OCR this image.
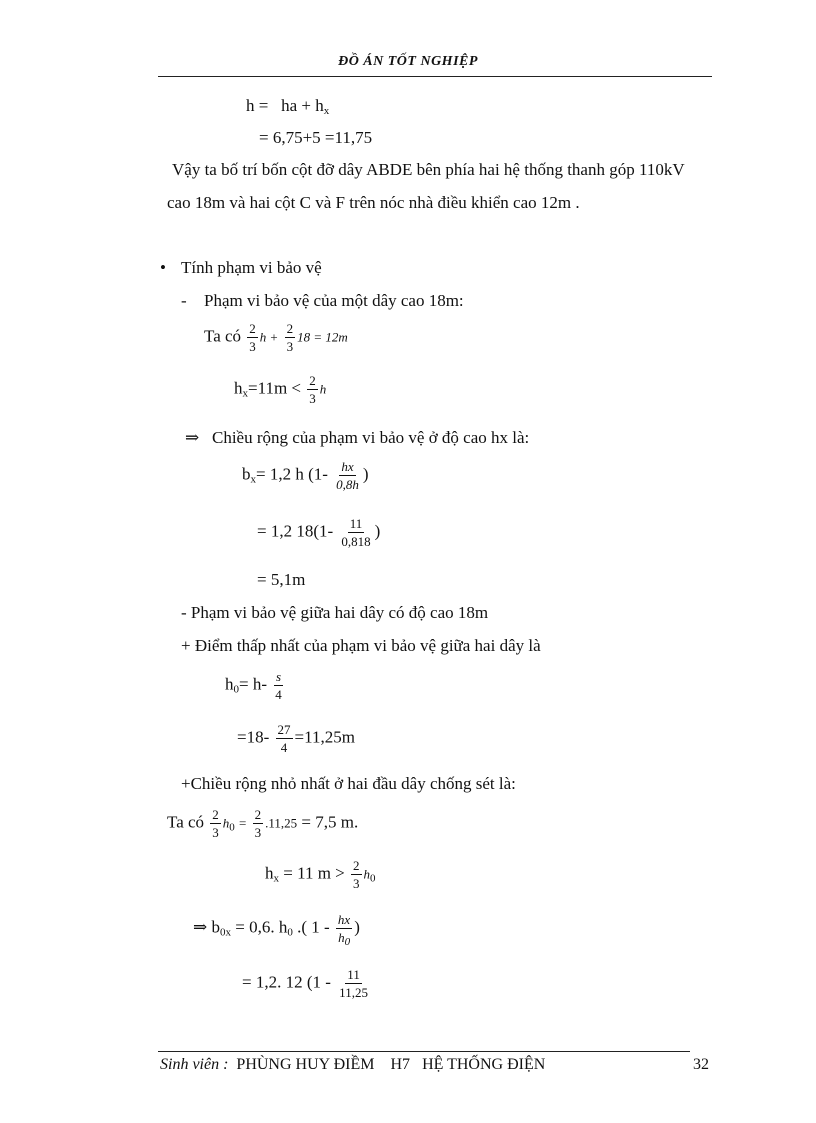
ĐỒ ÁN TỐT NGHIỆP
h = ha + $h_x$
= 6,75+5 =11,75
Vậy ta bố trí bốn cột đỡ dây ABDE bên phía hai hệ thống thanh góp 110kV
cao 18m và hai cột C và F trên nóc nhà điều khiển cao 12m .
• Tính phạm vi bảo vệ
- Phạm vi bảo vệ của một dây cao 18m:
Ta có $\frac{2}{3}$ $h + \frac{2}{3} 18 = 12m$
$h_x=11m < \frac{2}{3}$ h
⇒ Chiều rộng của phạm vi bảo vệ ở độ cao hx là:
$b_x= 1,2$ h ($1- \frac{hx}{0,8h}$ )
= 1,2 $18(1- \frac{11}{0,818}$ )
= 5,1m
- Phạm vi bảo vệ giữa hai dây có độ cao 18m
+ Điểm thấp nhất của phạm vi bảo vệ giữa hai dây là
$h_0= h- \frac{s}{4}$
$=18- \frac{27}{4} =11,25m$
+Chiều rộng nhỏ nhất ở hai đầu dây chống sét là:
Ta có $\frac{2}{3} h_0 = \frac{2}{3} .11,25 = 7,5$ m.
$h_x = 11$ $m > \frac{2}{3} h_0$
⇒ $b_{0x} = 0,6$. $h_0$ .( $1 - \frac{hx}{h_0}$ )
= 1,2. 12 ($1 - \frac{11}{11,25}$
Sinh viên : PHÙNG HUY ĐIỀM H7 HỆ THỐNG ĐIỆN	32
